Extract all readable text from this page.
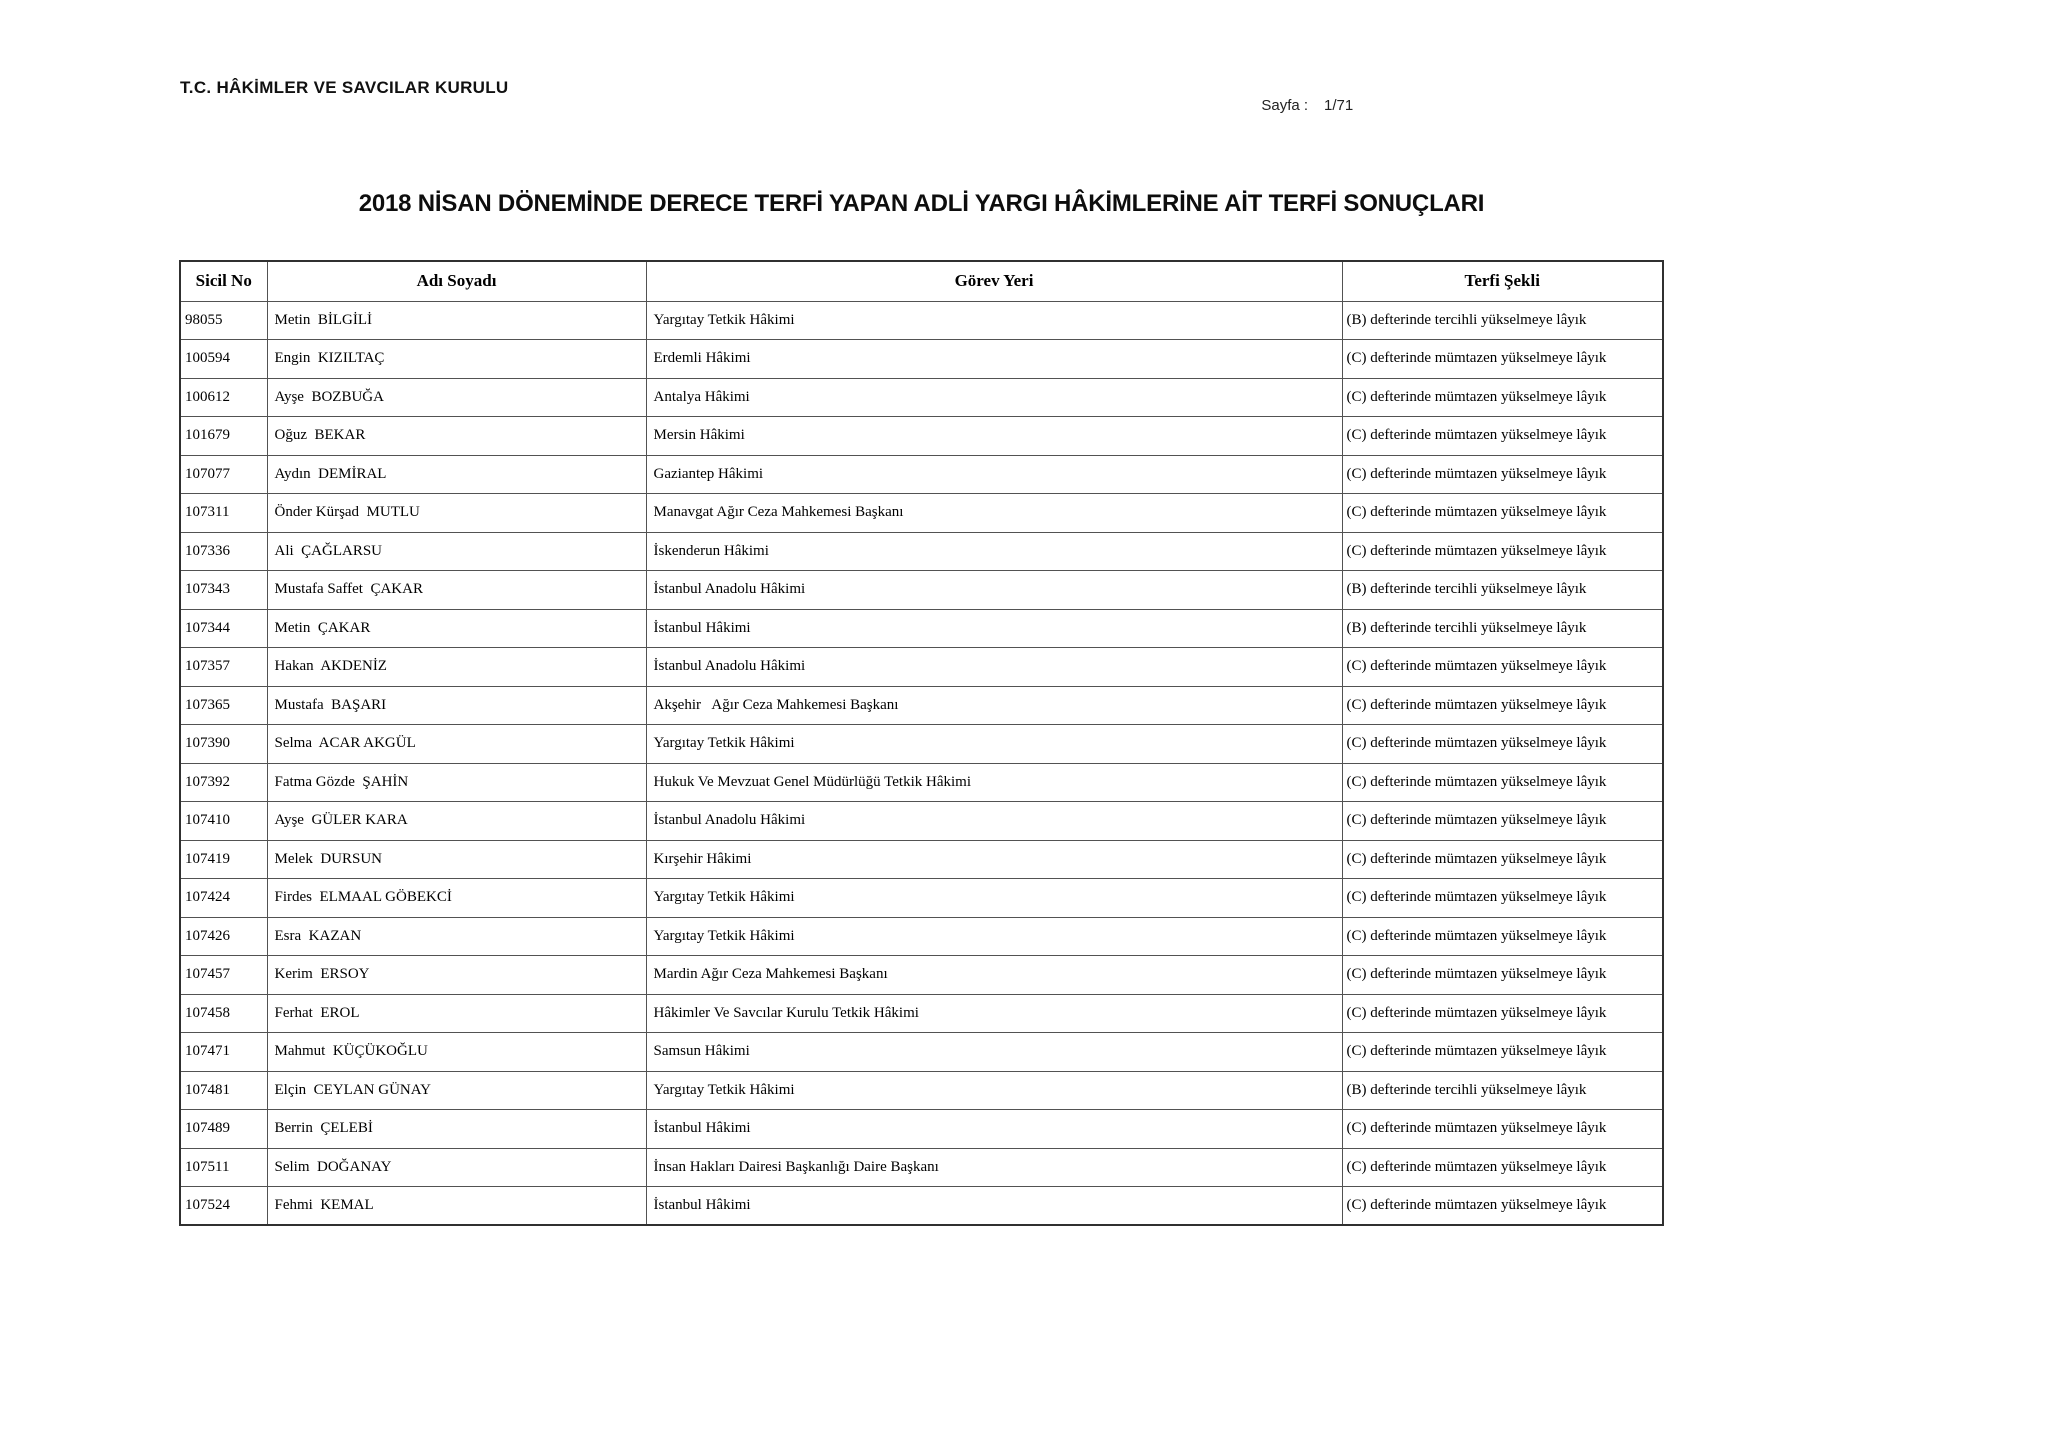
T.C. HÂKİMLER VE SAVCILAR KURULU

Sayfa : 1/71

2018 NİSAN DÖNEMİNDE DERECE TERFİ YAPAN ADLİ YARGI HÂKİMLERİNE AİT TERFİ SONUÇLARI
Sicil No	Adı Soyadı	Görev Yeri	Terfi Şekli
98055	Metin  BİLGİLİ	Yargıtay Tetkik Hâkimi	(B) defterinde tercihli yükselmeye lâyık
100594	Engin  KIZILTAÇ	Erdemli Hâkimi	(C) defterinde mümtazen yükselmeye lâyık
100612	Ayşe  BOZBUĞA	Antalya Hâkimi	(C) defterinde mümtazen yükselmeye lâyık
101679	Oğuz  BEKAR	Mersin Hâkimi	(C) defterinde mümtazen yükselmeye lâyık
107077	Aydın  DEMİRAL	Gaziantep Hâkimi	(C) defterinde mümtazen yükselmeye lâyık
107311	Önder Kürşad  MUTLU	Manavgat Ağır Ceza Mahkemesi Başkanı	(C) defterinde mümtazen yükselmeye lâyık
107336	Ali  ÇAĞLARSU	İskenderun Hâkimi	(C) defterinde mümtazen yükselmeye lâyık
107343	Mustafa Saffet  ÇAKAR	İstanbul Anadolu Hâkimi	(B) defterinde tercihli yükselmeye lâyık
107344	Metin  ÇAKAR	İstanbul Hâkimi	(B) defterinde tercihli yükselmeye lâyık
107357	Hakan  AKDENİZ	İstanbul Anadolu Hâkimi	(C) defterinde mümtazen yükselmeye lâyık
107365	Mustafa  BAŞARI	Akşehir   Ağır Ceza Mahkemesi Başkanı	(C) defterinde mümtazen yükselmeye lâyık
107390	Selma  ACAR AKGÜL	Yargıtay Tetkik Hâkimi	(C) defterinde mümtazen yükselmeye lâyık
107392	Fatma Gözde  ŞAHİN	Hukuk Ve Mevzuat Genel Müdürlüğü Tetkik Hâkimi	(C) defterinde mümtazen yükselmeye lâyık
107410	Ayşe  GÜLER KARA	İstanbul Anadolu Hâkimi	(C) defterinde mümtazen yükselmeye lâyık
107419	Melek  DURSUN	Kırşehir Hâkimi	(C) defterinde mümtazen yükselmeye lâyık
107424	Firdes  ELMAAL GÖBEKCİ	Yargıtay Tetkik Hâkimi	(C) defterinde mümtazen yükselmeye lâyık
107426	Esra  KAZAN	Yargıtay Tetkik Hâkimi	(C) defterinde mümtazen yükselmeye lâyık
107457	Kerim  ERSOY	Mardin Ağır Ceza Mahkemesi Başkanı	(C) defterinde mümtazen yükselmeye lâyık
107458	Ferhat  EROL	Hâkimler Ve Savcılar Kurulu Tetkik Hâkimi	(C) defterinde mümtazen yükselmeye lâyık
107471	Mahmut  KÜÇÜKOĞLU	Samsun Hâkimi	(C) defterinde mümtazen yükselmeye lâyık
107481	Elçin  CEYLAN GÜNAY	Yargıtay Tetkik Hâkimi	(B) defterinde tercihli yükselmeye lâyık
107489	Berrin  ÇELEBİ	İstanbul Hâkimi	(C) defterinde mümtazen yükselmeye lâyık
107511	Selim  DOĞANAY	İnsan Hakları Dairesi Başkanlığı Daire Başkanı	(C) defterinde mümtazen yükselmeye lâyık
107524	Fehmi  KEMAL	İstanbul Hâkimi	(C) defterinde mümtazen yükselmeye lâyık
